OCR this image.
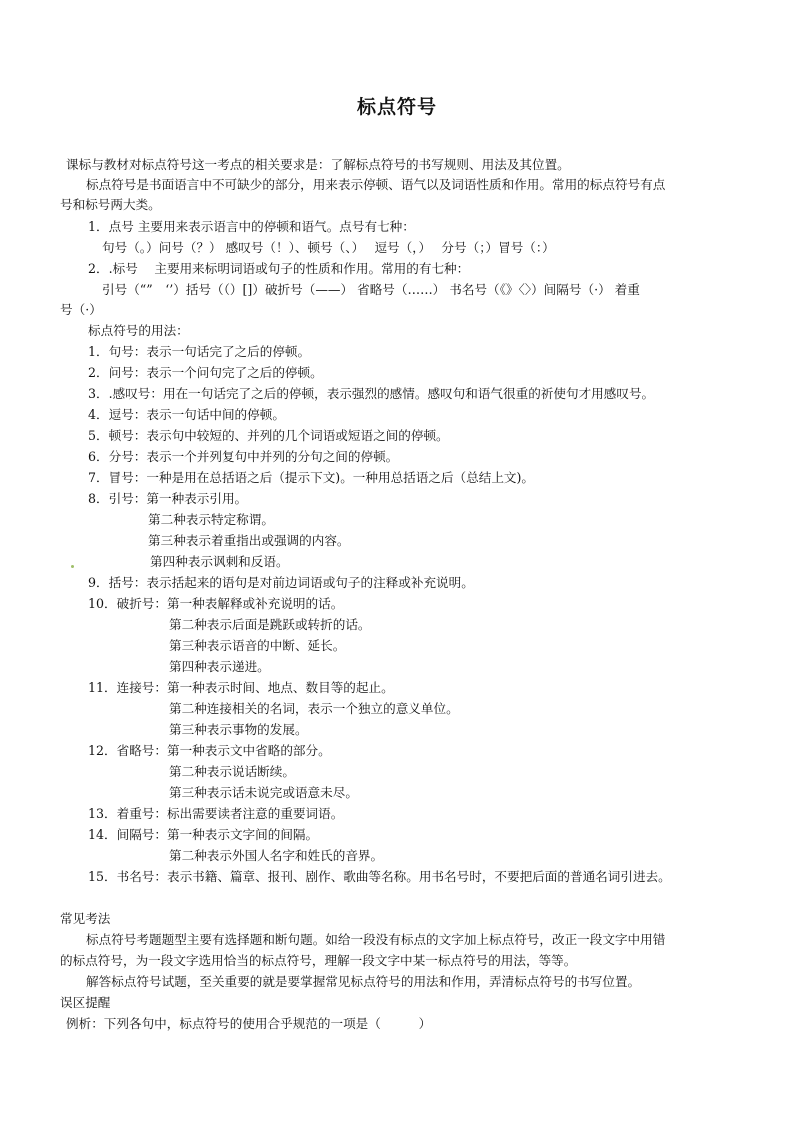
标点符号
课标与教材对标点符号这一考点的相关要求是：了解标点符号的书写规则、用法及其位置。
标点符号是书面语言中不可缺少的部分，用来表示停顿、语气以及词语性质和作用。常用的标点符号有点
号和标号两大类。
1．点号 主要用来表示语言中的停顿和语气。点号有七种：
句号（。）问号（？） 感叹号（！）、顿号（、）　 逗号（，）　 分号（；）冒号（：）
2．.标号　 主要用来标明词语或句子的性质和作用。常用的有七种：
引号（“”　‘’）括号（（）[]）破折号（——） 省略号（……） 书名号（《》〈〉）间隔号（·） 着重
号（·）
标点符号的用法：
1．句号：表示一句话完了之后的停顿。
2．问号：表示一个问句完了之后的停顿。
3．.感叹号：用在一句话完了之后的停顿，表示强烈的感情。感叹句和语气很重的祈使句才用感叹号。
4．逗号：表示一句话中间的停顿。
5．顿号：表示句中较短的、并列的几个词语或短语之间的停顿。
6．分号：表示一个并列复句中并列的分句之间的停顿。
7．冒号：一种是用在总括语之后（提示下文)。一种用总括语之后（总结上文)。
8．引号：第一种表示引用。
第二种表示特定称谓。
第三种表示着重指出或强调的内容。
第四种表示讽刺和反语。
9．括号：表示括起来的语句是对前边词语或句子的注释或补充说明。
10．破折号：第一种表解释或补充说明的话。
第二种表示后面是跳跃或转折的话。
第三种表示语音的中断、延长。
第四种表示递进。
11．连接号：第一种表示时间、地点、数目等的起止。
第二种连接相关的名词，表示一个独立的意义单位。
第三种表示事物的发展。
12．省略号：第一种表示文中省略的部分。
第二种表示说话断续。
第三种表示话未说完或语意未尽。
13．着重号：标出需要读者注意的重要词语。
14．间隔号：第一种表示文字间的间隔。
第二种表示外国人名字和姓氏的音界。
15．书名号：表示书籍、篇章、报刊、剧作、歌曲等名称。用书名号时，不要把后面的普通名词引进去。
常见考法
标点符号考题题型主要有选择题和断句题。如给一段没有标点的文字加上标点符号，改正一段文字中用错
的标点符号，为一段文字选用恰当的标点符号，理解一段文字中某一标点符号的用法，等等。
解答标点符号试题，至关重要的就是要掌握常见标点符号的用法和作用，弄清标点符号的书写位置。
误区提醒
例析：下列各句中，标点符号的使用合乎规范的一项是（　　　）
